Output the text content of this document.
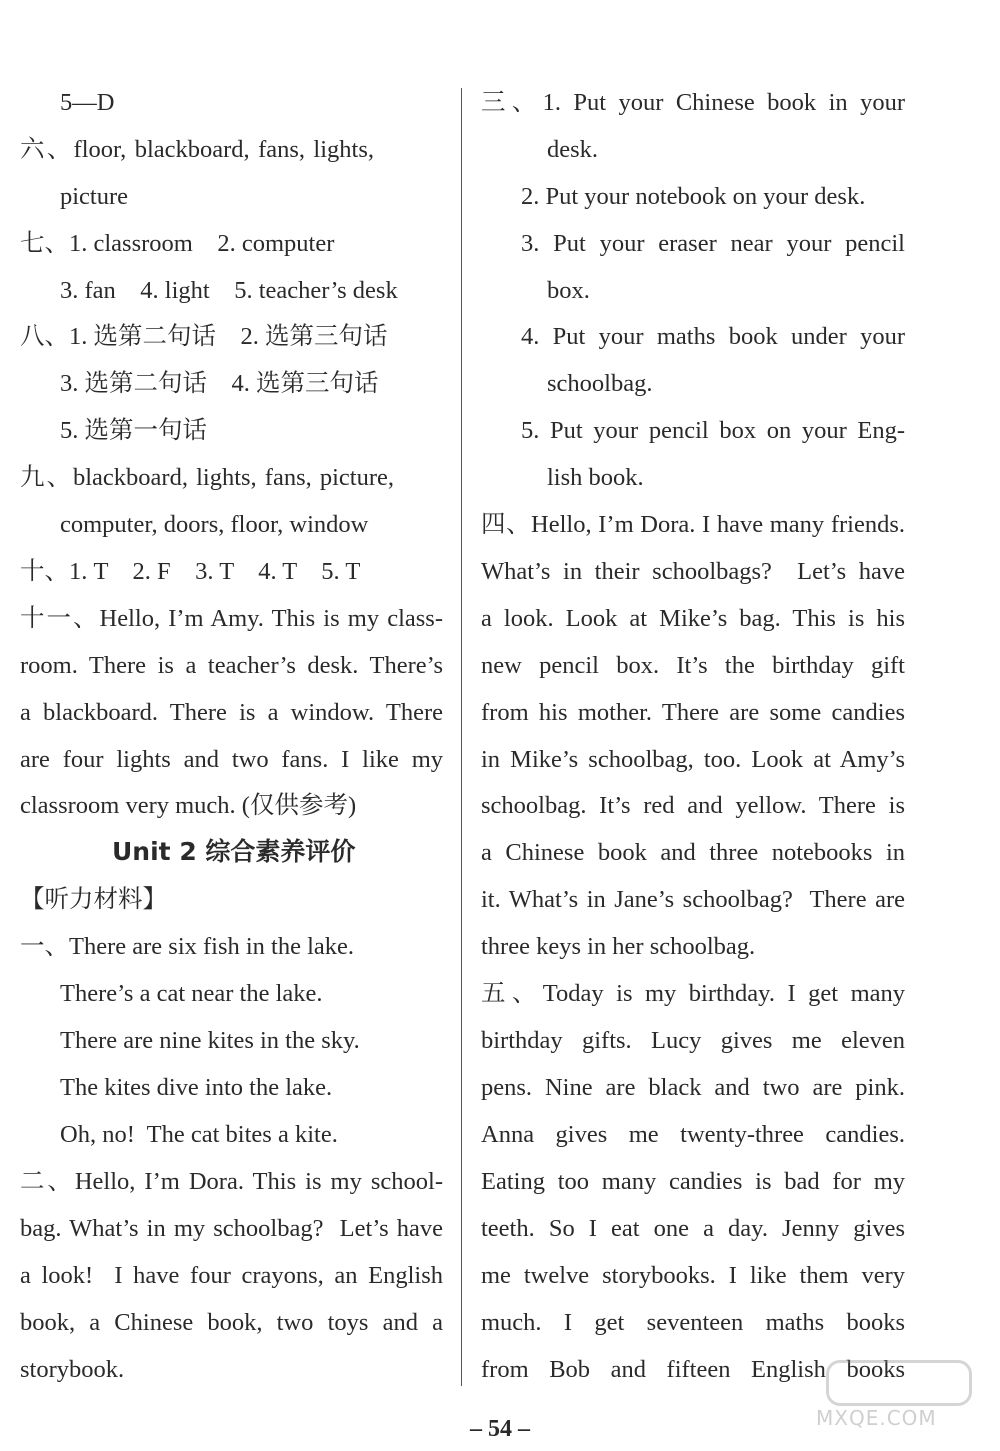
5—D
六、floor, blackboard, fans, lights,
picture
七、1. classroom    2. computer
3. fan    4. light    5. teacher’s desk
八、1. 选第二句话    2. 选第三句话
3. 选第二句话    4. 选第三句话
5. 选第一句话
九、blackboard, lights, fans, picture,
computer, doors, floor, window
十、1. T    2. F    3. T    4. T    5. T
十一、Hello, I’m Amy. This is my class-
room. There is a teacher’s desk. There’s
a blackboard. There is a window. There
are four lights and two fans. I like my
classroom very much. (仅供参考)
Unit 2 综合素养评价
【听力材料】
一、There are six fish in the lake.
There’s a cat near the lake.
There are nine kites in the sky.
The kites dive into the lake.
Oh, no!  The cat bites a kite.
二、Hello, I’m Dora. This is my school-
bag. What’s in my schoolbag?  Let’s have
a look!  I have four crayons, an English
book, a Chinese book, two toys and a
storybook.
三、1. Put your Chinese book in your
desk.
2. Put your notebook on your desk.
3. Put your eraser near your pencil
box.
4. Put your maths book under your
schoolbag.
5. Put your pencil box on your Eng-
lish book.
四、Hello, I’m Dora. I have many friends.
What’s in their schoolbags?  Let’s have
a look. Look at Mike’s bag. This is his
new pencil box. It’s the birthday gift
from his mother. There are some candies
in Mike’s schoolbag, too. Look at Amy’s
schoolbag. It’s red and yellow. There is
a Chinese book and three notebooks in
it. What’s in Jane’s schoolbag?  There are
three keys in her schoolbag.
五、Today is my birthday. I get many
birthday gifts. Lucy gives me eleven
pens. Nine are black and two are pink.
Anna gives me twenty-three candies.
Eating too many candies is bad for my
teeth. So I eat one a day. Jenny gives
me twelve storybooks. I like them very
much. I get seventeen maths books
from Bob and fifteen English books
– 54 –	MXQE.COM
